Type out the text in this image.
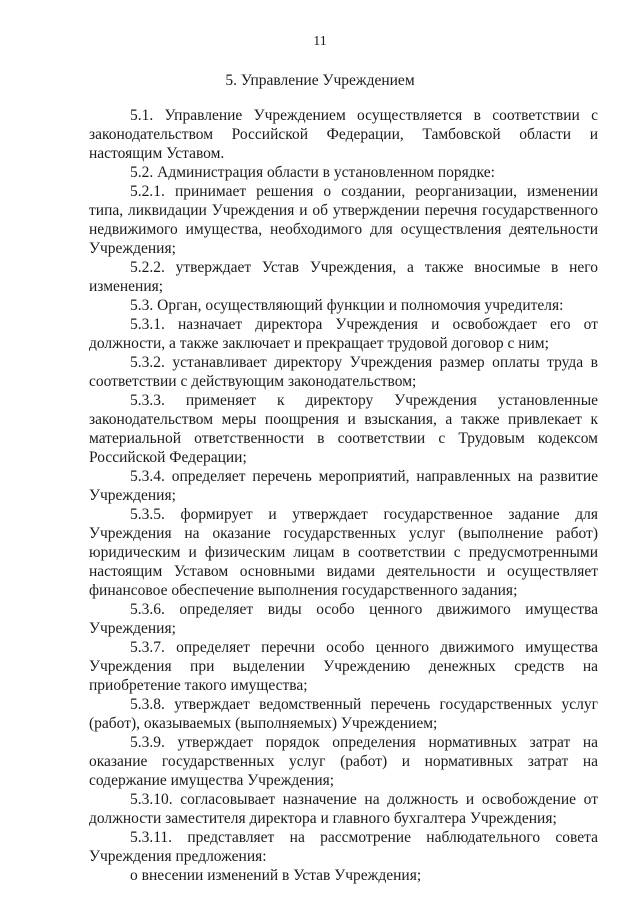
11
5. Управление Учреждением

5.1. Управление Учреждением осуществляется в соответствии с законодательством Российской Федерации, Тамбовской области и настоящим Уставом.

5.2. Администрация области в установленном порядке:

5.2.1. принимает решения о создании, реорганизации, изменении типа, ликвидации Учреждения и об утверждении перечня государственного недвижимого имущества, необходимого для осуществления деятельности Учреждения;

5.2.2. утверждает Устав Учреждения, а также вносимые в него изменения;

5.3. Орган, осуществляющий функции и полномочия учредителя:

5.3.1. назначает директора Учреждения и освобождает его от должности, а также заключает и прекращает трудовой договор с ним;

5.3.2. устанавливает директору Учреждения размер оплаты труда в соответствии с действующим законодательством;

5.3.3. применяет к директору Учреждения установленные законодательством меры поощрения и взыскания, а также привлекает к материальной ответственности в соответствии с Трудовым кодексом Российской Федерации;

5.3.4. определяет перечень мероприятий, направленных на развитие Учреждения;

5.3.5. формирует и утверждает государственное задание для Учреждения на оказание государственных услуг (выполнение работ) юридическим и физическим лицам в соответствии с предусмотренными настоящим Уставом основными видами деятельности и осуществляет финансовое обеспечение выполнения государственного задания;

5.3.6. определяет виды особо ценного движимого имущества Учреждения;

5.3.7. определяет перечни особо ценного движимого имущества Учреждения при выделении Учреждению денежных средств на приобретение такого имущества;

5.3.8. утверждает ведомственный перечень государственных услуг (работ), оказываемых (выполняемых) Учреждением;

5.3.9. утверждает порядок определения нормативных затрат на оказание государственных услуг (работ) и нормативных затрат на содержание имущества Учреждения;

5.3.10. согласовывает назначение на должность и освобождение от должности заместителя директора и главного бухгалтера Учреждения;

5.3.11. представляет на рассмотрение наблюдательного совета Учреждения предложения:

о внесении изменений в Устав Учреждения;
